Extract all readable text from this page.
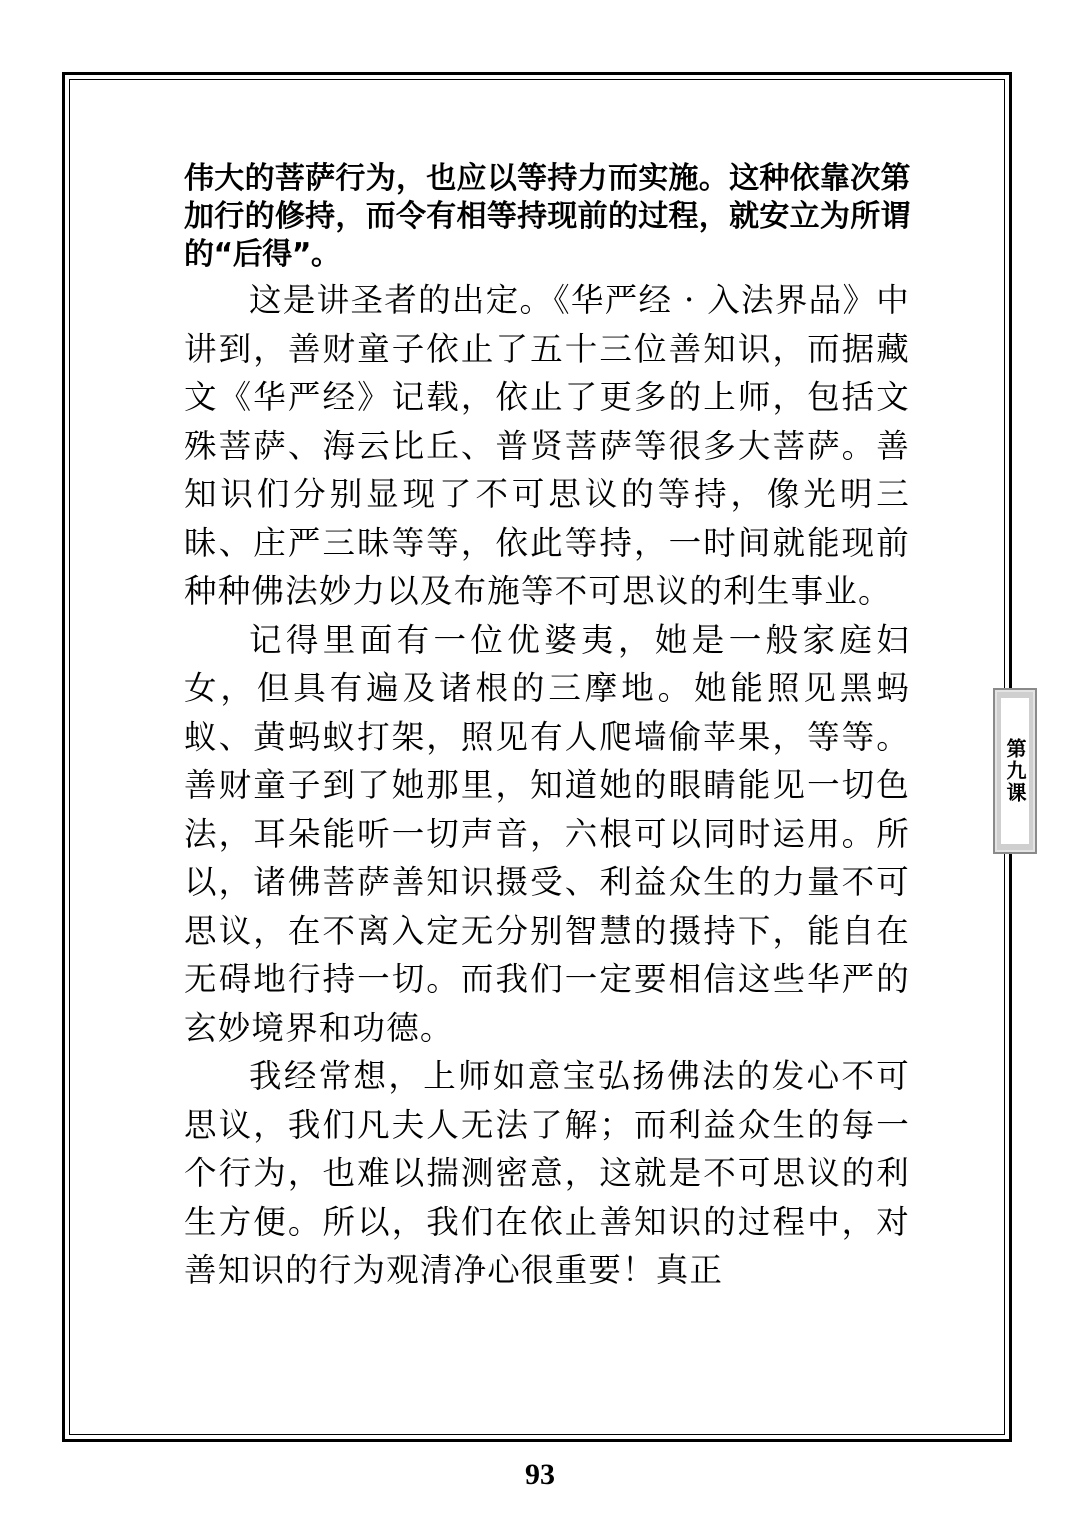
伟大的菩萨行为，也应以等持力而实施。这种依靠次第加行的修持，而令有相等持现前的过程，就安立为所谓的“后得”。

这是讲圣者的出定。《华严经 · 入法界品》中讲到，善财童子依止了五十三位善知识，而据藏文《华严经》记载，依止了更多的上师，包括文殊菩萨、海云比丘、普贤菩萨等很多大菩萨。善知识们分别显现了不可思议的等持，像光明三昧、庄严三昧等等，依此等持，一时间就能现前种种佛法妙力以及布施等不可思议的利生事业。

记得里面有一位优婆夷，她是一般家庭妇女，但具有遍及诸根的三摩地。她能照见黑蚂蚁、黄蚂蚁打架，照见有人爬墙偷苹果，等等。善财童子到了她那里，知道她的眼睛能见一切色法，耳朵能听一切声音，六根可以同时运用。所以，诸佛菩萨善知识摄受、利益众生的力量不可思议，在不离入定无分别智慧的摄持下，能自在无碍地行持一切。而我们一定要相信这些华严的玄妙境界和功德。

我经常想，上师如意宝弘扬佛法的发心不可思议，我们凡夫人无法了解；而利益众生的每一个行为，也难以揣测密意，这就是不可思议的利生方便。所以，我们在依止善知识的过程中，对善知识的行为观清净心很重要！真正

第九课
93
